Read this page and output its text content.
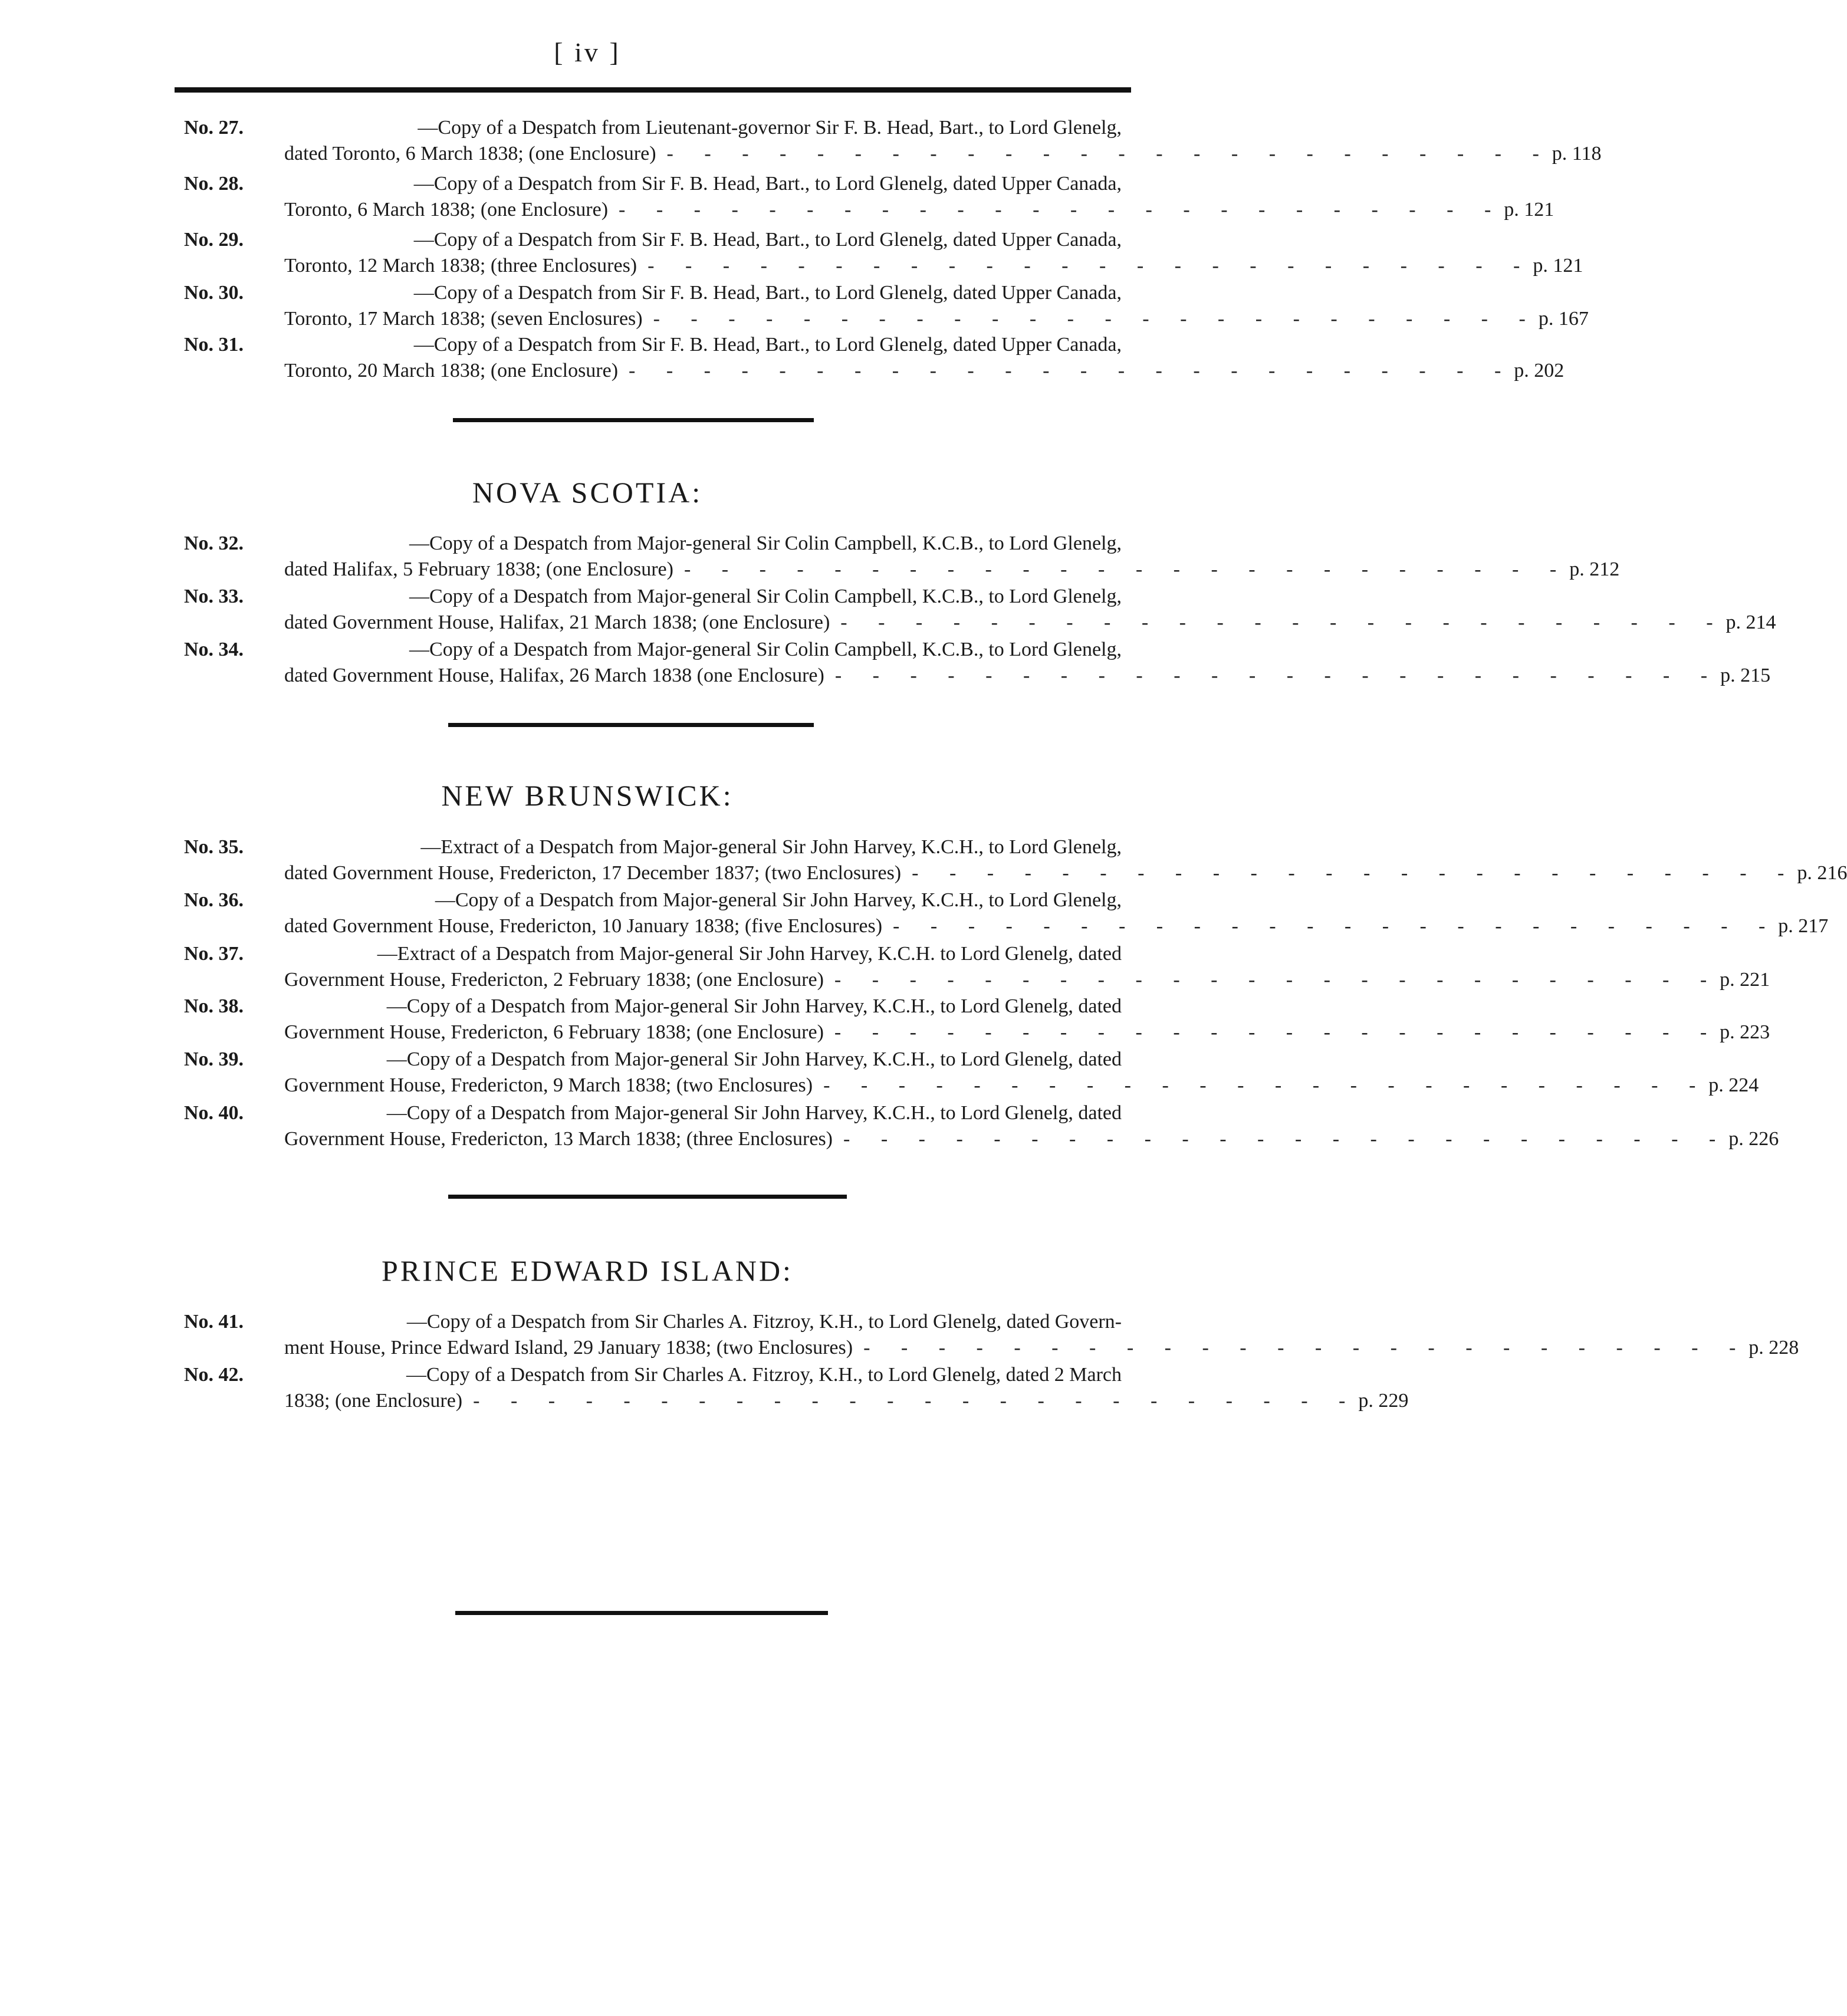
[ iv ]
No. 27.	—Copy of a Despatch from Lieutenant-governor Sir F. B. Head, Bart., to Lord Glenelg,
dated Toronto, 6 March 1838; (one Enclosure) - - - - - - - - - - - - - - - - - - - - - - - - p. 118
No. 28.	—Copy of a Despatch from Sir F. B. Head, Bart., to Lord Glenelg, dated Upper Canada,
Toronto, 6 March 1838; (one Enclosure) - - - - - - - - - - - - - - - - - - - - - - - - p. 121
No. 29.	—Copy of a Despatch from Sir F. B. Head, Bart., to Lord Glenelg, dated Upper Canada,
Toronto, 12 March 1838; (three Enclosures) - - - - - - - - - - - - - - - - - - - - - - - - p. 121
No. 30.	—Copy of a Despatch from Sir F. B. Head, Bart., to Lord Glenelg, dated Upper Canada,
Toronto, 17 March 1838; (seven Enclosures) - - - - - - - - - - - - - - - - - - - - - - - - p. 167
No. 31.	—Copy of a Despatch from Sir F. B. Head, Bart., to Lord Glenelg, dated Upper Canada,
Toronto, 20 March 1838; (one Enclosure) - - - - - - - - - - - - - - - - - - - - - - - - p. 202
NOVA SCOTIA:
No. 32.	—Copy of a Despatch from Major-general Sir Colin Campbell, K.C.B., to Lord Glenelg,
dated Halifax, 5 February 1838; (one Enclosure) - - - - - - - - - - - - - - - - - - - - - - - - p. 212
No. 33.	—Copy of a Despatch from Major-general Sir Colin Campbell, K.C.B., to Lord Glenelg,
dated Government House, Halifax, 21 March 1838; (one Enclosure) - - - - - - - - - - - - - - - - - - - - - - - - p. 214
No. 34.	—Copy of a Despatch from Major-general Sir Colin Campbell, K.C.B., to Lord Glenelg,
dated Government House, Halifax, 26 March 1838 (one Enclosure) - - - - - - - - - - - - - - - - - - - - - - - - p. 215
NEW BRUNSWICK:
No. 35.	—Extract of a Despatch from Major-general Sir John Harvey, K.C.H., to Lord Glenelg,
dated Government House, Fredericton, 17 December 1837; (two Enclosures) - - - - - - - - - - - - - - - - - - - - - - - - p. 216
No. 36.	—Copy of a Despatch from Major-general Sir John Harvey, K.C.H., to Lord Glenelg,
dated Government House, Fredericton, 10 January 1838; (five Enclosures) - - - - - - - - - - - - - - - - - - - - - - - - p. 217
No. 37.	—Extract of a Despatch from Major-general Sir John Harvey, K.C.H. to Lord Glenelg, dated
Government House, Fredericton, 2 February 1838; (one Enclosure) - - - - - - - - - - - - - - - - - - - - - - - - p. 221
No. 38.	—Copy of a Despatch from Major-general Sir John Harvey, K.C.H., to Lord Glenelg, dated
Government House, Fredericton, 6 February 1838; (one Enclosure) - - - - - - - - - - - - - - - - - - - - - - - - p. 223
No. 39.	—Copy of a Despatch from Major-general Sir John Harvey, K.C.H., to Lord Glenelg, dated
Government House, Fredericton, 9 March 1838; (two Enclosures) - - - - - - - - - - - - - - - - - - - - - - - - p. 224
No. 40.	—Copy of a Despatch from Major-general Sir John Harvey, K.C.H., to Lord Glenelg, dated
Government House, Fredericton, 13 March 1838; (three Enclosures) - - - - - - - - - - - - - - - - - - - - - - - - p. 226
PRINCE EDWARD ISLAND:
No. 41.	—Copy of a Despatch from Sir Charles A. Fitzroy, K.H., to Lord Glenelg, dated Govern-
ment House, Prince Edward Island, 29 January 1838; (two Enclosures) - - - - - - - - - - - - - - - - - - - - - - - - p. 228
No. 42.	—Copy of a Despatch from Sir Charles A. Fitzroy, K.H., to Lord Glenelg, dated 2 March
1838; (one Enclosure) - - - - - - - - - - - - - - - - - - - - - - - - p. 229
